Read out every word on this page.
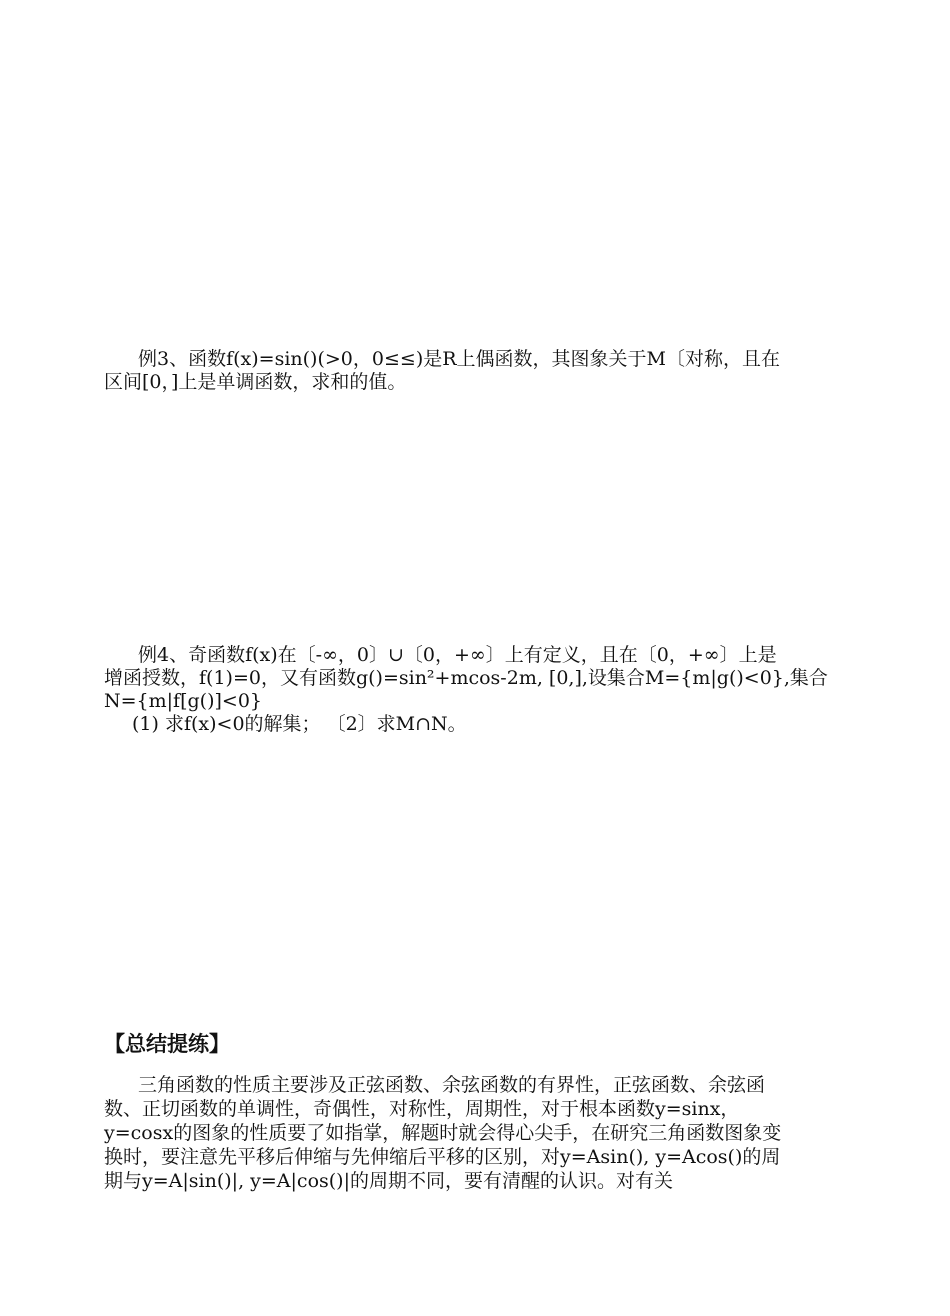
例3、函数f(x)=sin()(>0，0≤≤)是R上偶函数，其图象关于M〔对称，且在
区间[0，]上是单调函数，求和的值。
例4、奇函数f(x)在〔-∞，0〕∪〔0，+∞〕上有定义，且在〔0，+∞〕上是
增函授数，f(1)=0，又有函数g()=sin²+mcos-2m, [0,],设集合M={m|g()<0},集合
N={m|f[g()]<0}
(1) 求f(x)<0的解集； 〔2〕求M∩N。
【总结提练】
三角函数的性质主要涉及正弦函数、余弦函数的有界性，正弦函数、余弦函
数、正切函数的单调性，奇偶性，对称性，周期性，对于根本函数y=sinx，
y=cosx的图象的性质要了如指掌，解题时就会得心尖手，在研究三角函数图象变
换时，要注意先平移后伸缩与先伸缩后平移的区别，对y=Asin(), y=Acos()的周
期与y=A|sin()|, y=A|cos()|的周期不同，要有清醒的认识。对有关
